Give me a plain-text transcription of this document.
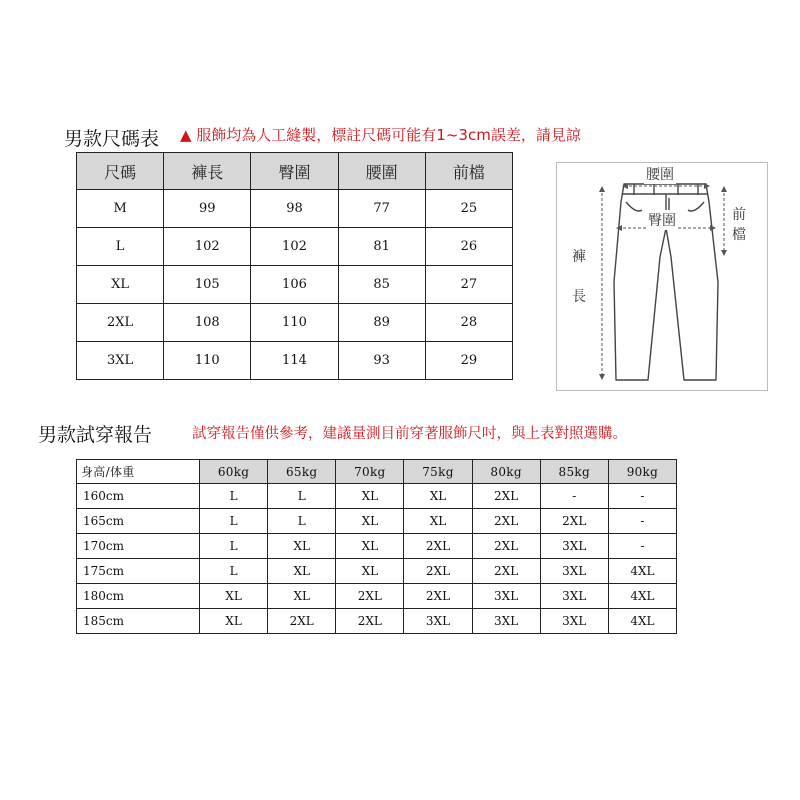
男款尺碼表 ▲ 服飾均為人工縫製，標註尺碼可能有1~3cm誤差，請見諒
尺碼	褲長	臀圍	腰圍	前檔
M	99	98	77	25
L	102	102	81	26
XL	105	106	85	27
2XL	108	110	89	28
3XL	110	114	93	29
腰圍
臀圍	前
檔
褲
長
男款試穿報告	試穿報告僅供參考，建議量測目前穿著服飾尺吋，與上表對照選購。
身高/体重	60kg	65kg	70kg	75kg	80kg	85kg	90kg
160cm	L	L	XL	XL	2XL	-	-
165cm	L	L	XL	XL	2XL	2XL	-
170cm	L	XL	XL	2XL	2XL	3XL	-
175cm	L	XL	XL	2XL	2XL	3XL	4XL
180cm	XL	XL	2XL	2XL	3XL	3XL	4XL
185cm	XL	2XL	2XL	3XL	3XL	3XL	4XL
